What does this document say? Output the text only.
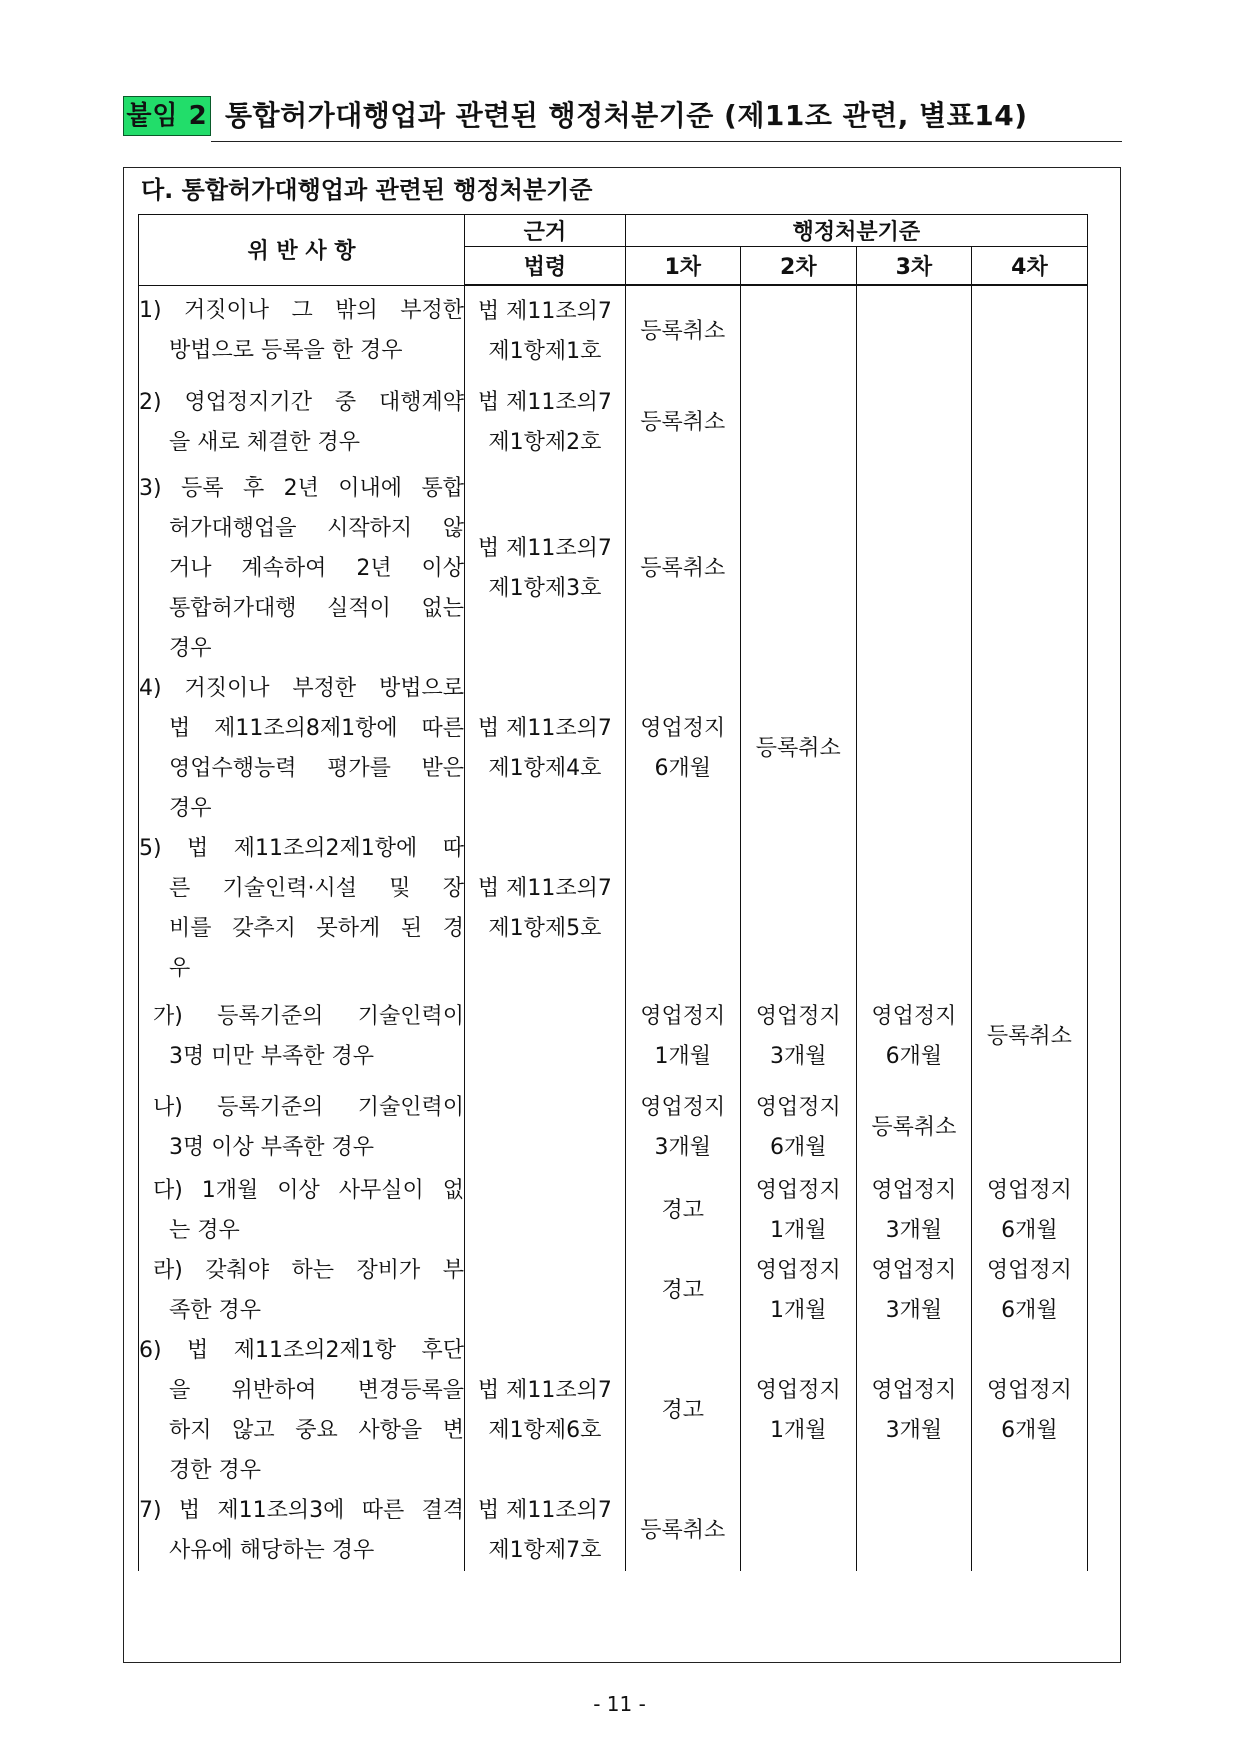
붙임 2 통합허가대행업과 관련된 행정처분기준 (제11조 관련, 별표14)
다. 통합허가대행업과 관련된 행정처분기준
위 반 사 항	근거	행정처분기준			
	법령	1차	2차	3차	4차

1) 거짓이나 그 밖의 부정한
방법으로 등록을 한 경우	법 제11조의7
제1항제1호	등록취소			

2) 영업정지기간 중 대행계약
을 새로 체결한 경우	법 제11조의7
제1항제2호	등록취소			

3) 등록 후 2년 이내에 통합
허가대행업을 시작하지 않
거나 계속하여 2년 이상
통합허가대행 실적이 없는
경우	법 제11조의7
제1항제3호	등록취소			

4) 거짓이나 부정한 방법으로
법 제11조의8제1항에 따른
영업수행능력 평가를 받은
경우	법 제11조의7
제1항제4호	영업정지
6개월	등록취소		

5) 법 제11조의2제1항에 따
른 기술인력·시설 및 장
비를 갖추지 못하게 된 경
우	법 제11조의7
제1항제5호				

가) 등록기준의 기술인력이
3명 미만 부족한 경우		영업정지
1개월	영업정지
3개월	영업정지
6개월	등록취소

나) 등록기준의 기술인력이
3명 이상 부족한 경우		영업정지
3개월	영업정지
6개월	등록취소	

다) 1개월 이상 사무실이 없
는 경우		경고	영업정지
1개월	영업정지
3개월	영업정지
6개월

라) 갖춰야 하는 장비가 부
족한 경우		경고	영업정지
1개월	영업정지
3개월	영업정지
6개월

6) 법 제11조의2제1항 후단
을 위반하여 변경등록을
하지 않고 중요 사항을 변
경한 경우	법 제11조의7
제1항제6호	경고	영업정지
1개월	영업정지
3개월	영업정지
6개월

7) 법 제11조의3에 따른 결격
사유에 해당하는 경우	법 제11조의7
제1항제7호	등록취소			

- 11 -
